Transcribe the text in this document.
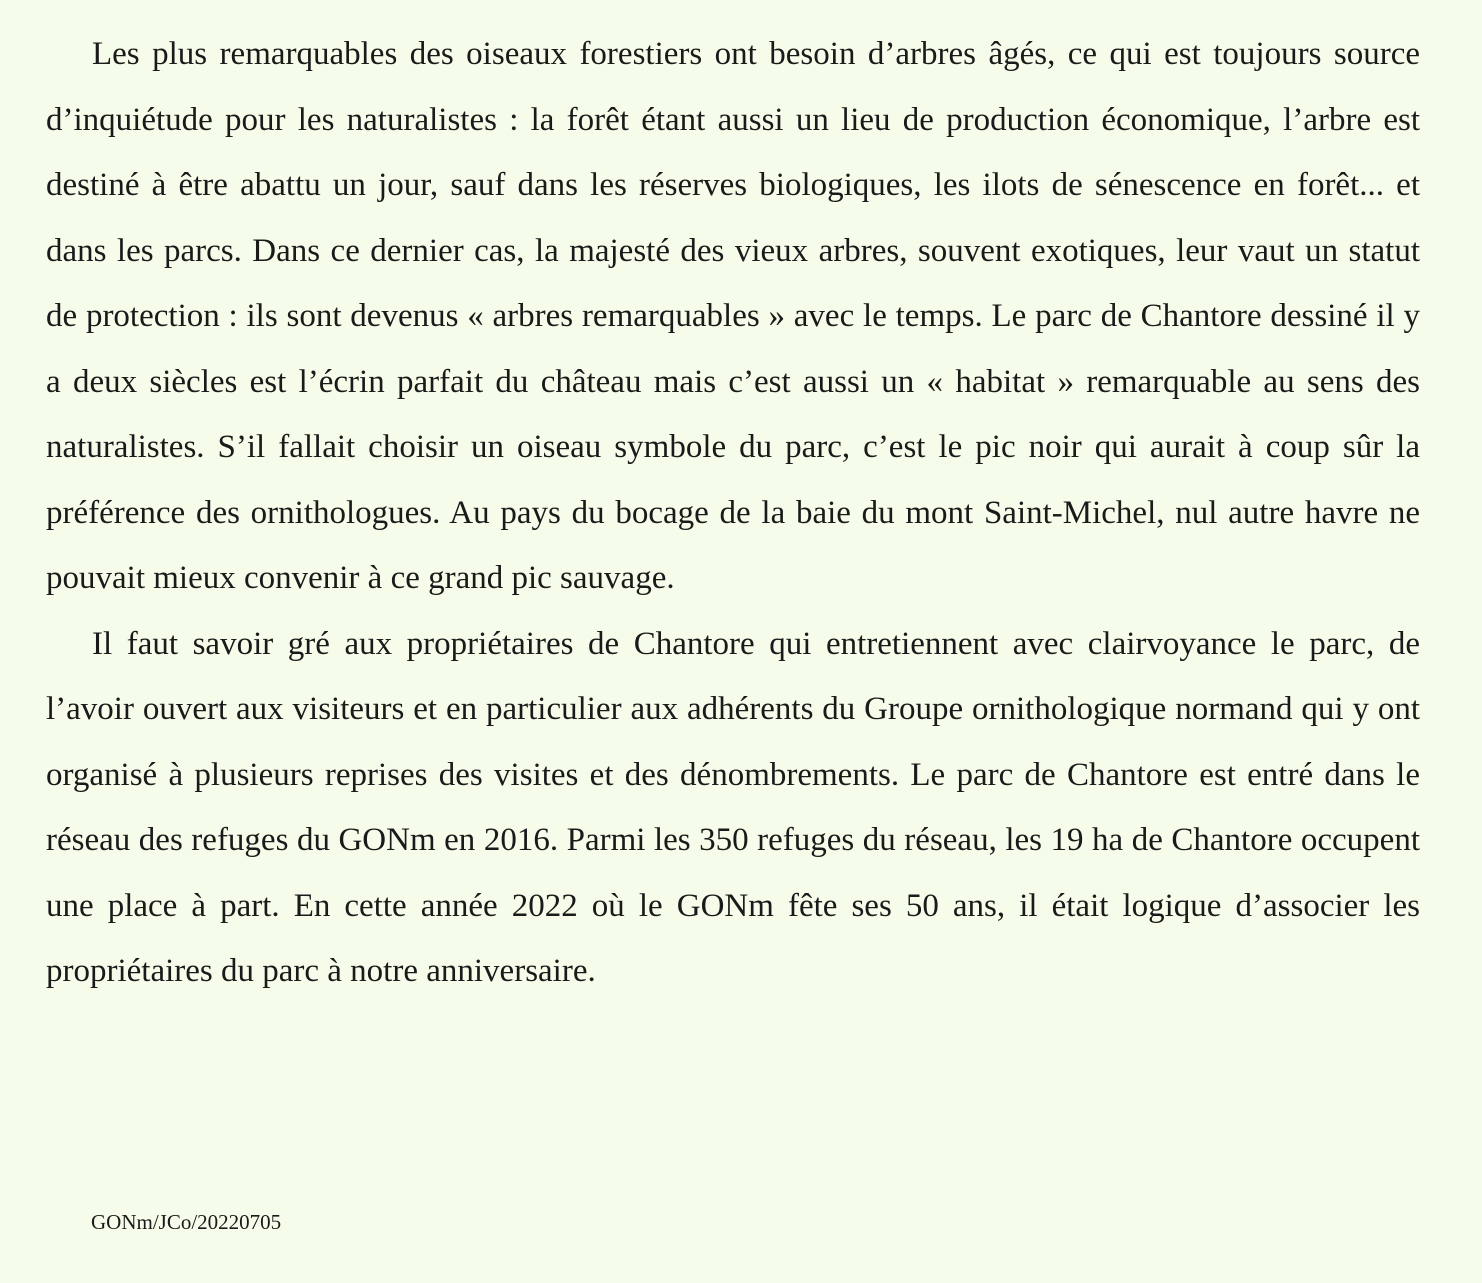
Les plus remarquables des oiseaux forestiers ont besoin d’arbres âgés, ce qui est toujours source d’inquiétude pour les naturalistes : la forêt étant aussi un lieu de production économique, l’arbre est destiné à être abattu un jour, sauf dans les réserves biologiques, les ilots de sénescence en forêt... et dans les parcs. Dans ce dernier cas, la majesté des vieux arbres, souvent exotiques, leur vaut un statut de protection : ils sont devenus « arbres remarquables » avec le temps. Le parc de Chantore dessiné il y a deux siècles est l’écrin parfait du château mais c’est aussi un « habitat » remarquable au sens des naturalistes. S’il fallait choisir un oiseau symbole du parc, c’est le pic noir qui aurait à coup sûr la préférence des ornithologues. Au pays du bocage de la baie du mont Saint-Michel, nul autre havre ne pouvait mieux convenir à ce grand pic sauvage.

Il faut savoir gré aux propriétaires de Chantore qui entretiennent avec clairvoyance le parc, de l’avoir ouvert aux visiteurs et en particulier aux adhérents du Groupe ornithologique normand qui y ont organisé à plusieurs reprises des visites et des dénombrements. Le parc de Chantore est entré dans le réseau des refuges du GONm en 2016. Parmi les 350 refuges du réseau, les 19 ha de Chantore occupent une place à part. En cette année 2022 où le GONm fête ses 50 ans, il était logique d’associer les propriétaires du parc à notre anniversaire.

GONm/JCo/20220705
